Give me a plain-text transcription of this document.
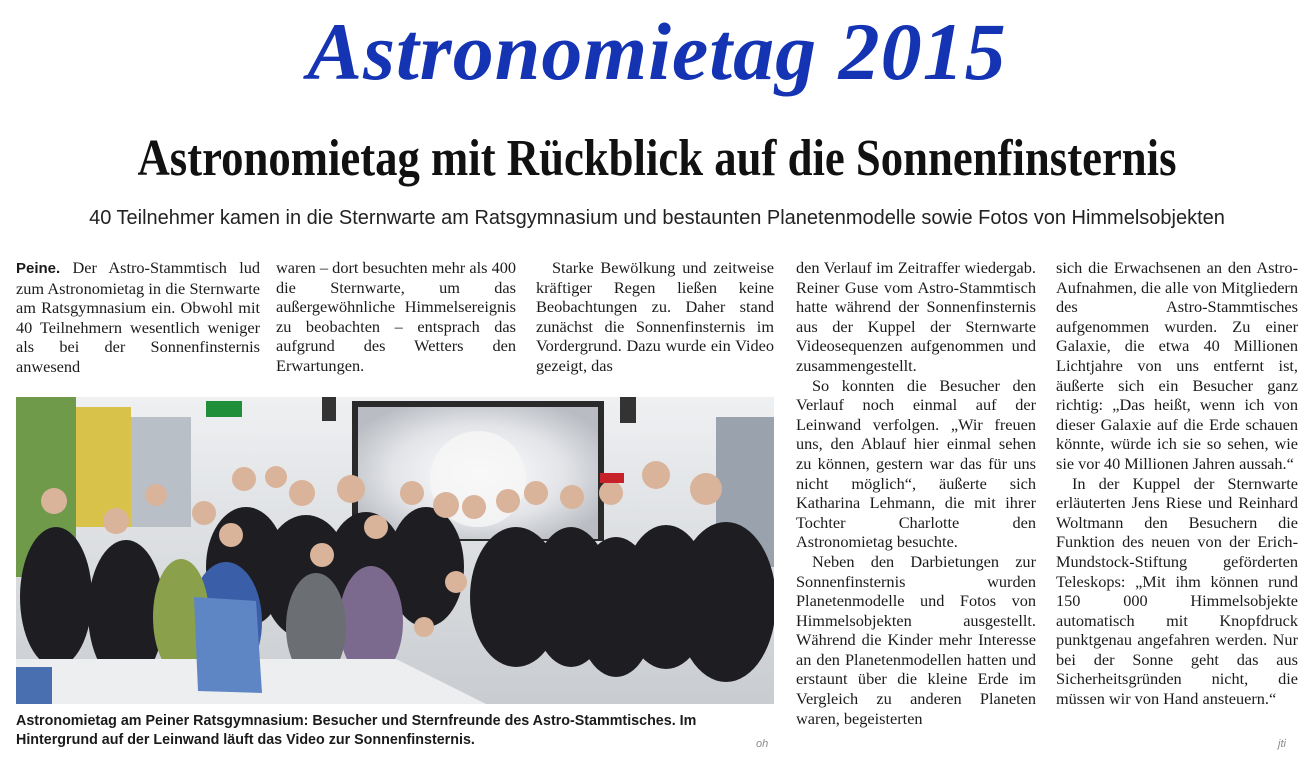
Astronomietag 2015
Astronomietag mit Rückblick auf die Sonnenfinsternis
40 Teilnehmer kamen in die Sternwarte am Ratsgymnasium und bestaunten Planetenmodelle sowie Fotos von Himmelsobjekten

Peine. Der Astro-Stammtisch lud zum Astronomietag in die Sternwarte am Ratsgymnasium ein. Obwohl mit 40 Teilnehmern wesentlich weniger als bei der Sonnenfinsternis anwesend

waren – dort besuchten mehr als 400 die Sternwarte, um das außergewöhnliche Himmelsereignis zu beobachten – entsprach das aufgrund des Wetters den Erwartungen.

Starke Bewölkung und zeitweise kräftiger Regen ließen keine Beobachtungen zu. Daher stand zunächst die Sonnenfinsternis im Vordergrund. Dazu wurde ein Video gezeigt, das

den Verlauf im Zeitraffer wiedergab. Reiner Guse vom Astro-Stammtisch hatte während der Sonnenfinsternis aus der Kuppel der Sternwarte Videosequenzen aufgenommen und zusammengestellt.

So konnten die Besucher den Verlauf noch einmal auf der Leinwand verfolgen. „Wir freuen uns, den Ablauf hier einmal sehen zu können, gestern war das für uns nicht möglich“, äußerte sich Katharina Lehmann, die mit ihrer Tochter Charlotte den Astronomietag besuchte.

Neben den Darbietungen zur Sonnenfinsternis wurden Planetenmodelle und Fotos von Himmelsobjekten ausgestellt. Während die Kinder mehr Interesse an den Planetenmodellen hatten und erstaunt über die kleine Erde im Vergleich zu anderen Planeten waren, begeisterten

sich die Erwachsenen an den Astro-Aufnahmen, die alle von Mitgliedern des Astro-Stammtisches aufgenommen wurden. Zu einer Galaxie, die etwa 40 Millionen Lichtjahre von uns entfernt ist, äußerte sich ein Besucher ganz richtig: „Das heißt, wenn ich von dieser Galaxie auf die Erde schauen könnte, würde ich sie so sehen, wie sie vor 40 Millionen Jahren aussah.“

In der Kuppel der Sternwarte erläuterten Jens Riese und Reinhard Woltmann den Besuchern die Funktion des neuen von der Erich-Mundstock-Stiftung geförderten Teleskops: „Mit ihm können rund 150 000 Himmelsobjekte automatisch mit Knopfdruck punktgenau angefahren werden. Nur bei der Sonne geht das aus Sicherheitsgründen nicht, die müssen wir von Hand ansteuern.“

Astronomietag am Peiner Ratsgymnasium: Besucher und Sternfreunde des Astro-Stammtisches. Im Hintergrund auf der Leinwand läuft das Video zur Sonnenfinsternis.	oh	jti
